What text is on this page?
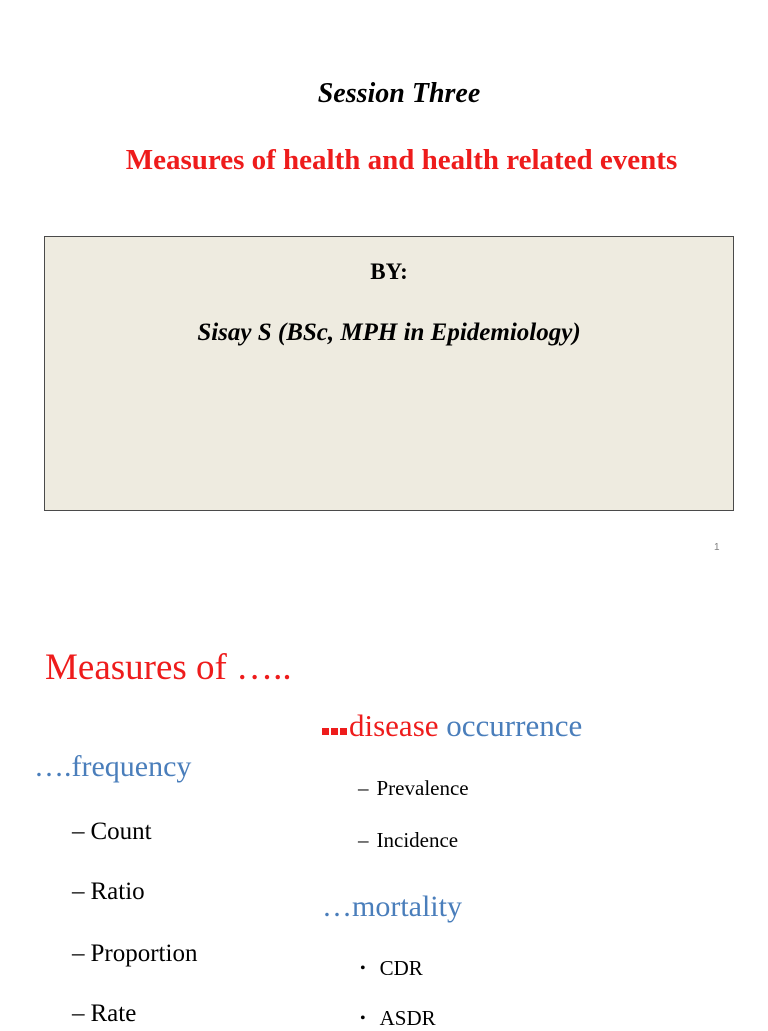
Session Three
Measures of health and health related events
BY:
Sisay S (BSc, MPH in Epidemiology)
1
Measures of …..
….frequency
– Count
– Ratio
– Proportion
– Rate
disease occurrence
– Prevalence
– Incidence
…mortality
• CDR
• ASDR
